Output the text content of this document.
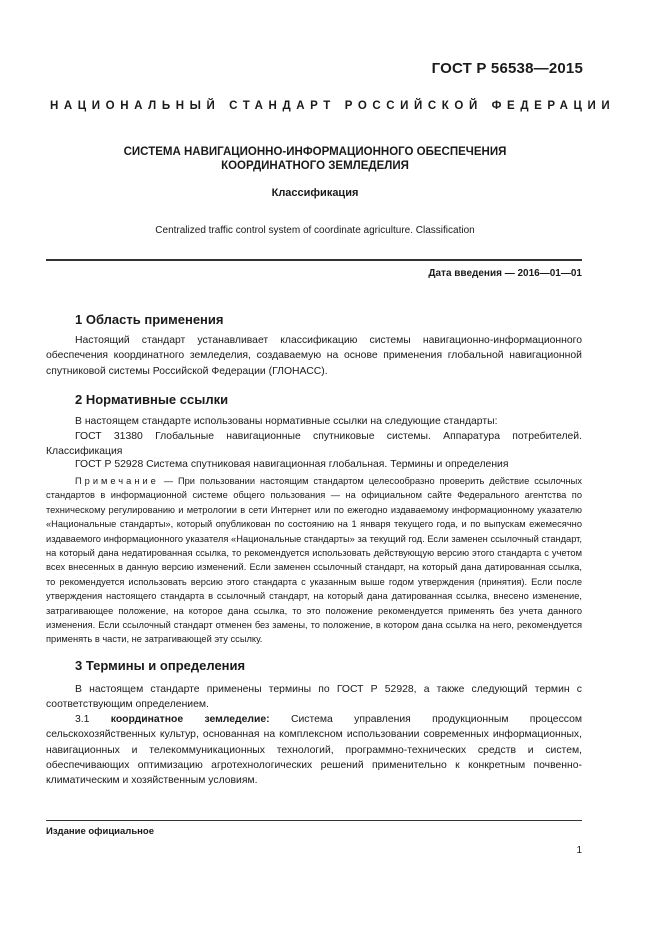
ГОСТ Р 56538—2015
НАЦИОНАЛЬНЫЙ СТАНДАРТ РОССИЙСКОЙ ФЕДЕРАЦИИ
СИСТЕМА НАВИГАЦИОННО-ИНФОРМАЦИОННОГО ОБЕСПЕЧЕНИЯ
КООРДИНАТНОГО ЗЕМЛЕДЕЛИЯ
Классификация
Centralized traffic control system of coordinate agriculture. Classification
Дата введения — 2016—01—01
1 Область применения
Настоящий стандарт устанавливает классификацию системы навигационно-информационного обеспечения координатного земледелия, создаваемую на основе применения глобальной навигационной спутниковой системы Российской Федерации (ГЛОНАСС).
2 Нормативные ссылки
В настоящем стандарте использованы нормативные ссылки на следующие стандарты:
ГОСТ 31380 Глобальные навигационные спутниковые системы. Аппаратура потребителей. Классификация
ГОСТ Р 52928 Система спутниковая навигационная глобальная. Термины и определения
Примечание — При пользовании настоящим стандартом целесообразно проверить действие ссылочных стандартов в информационной системе общего пользования — на официальном сайте Федерального агентства по техническому регулированию и метрологии в сети Интернет или по ежегодно издаваемому информационному указателю «Национальные стандарты», который опубликован по состоянию на 1 января текущего года, и по выпускам ежемесячно издаваемого информационного указателя «Национальные стандарты» за текущий год. Если заменен ссылочный стандарт, на который дана недатированная ссылка, то рекомендуется использовать действующую версию этого стандарта с учетом всех внесенных в данную версию изменений. Если заменен ссылочный стандарт, на который дана датированная ссылка, то рекомендуется использовать версию этого стандарта с указанным выше годом утверждения (принятия). Если после утверждения настоящего стандарта в ссылочный стандарт, на который дана датированная ссылка, внесено изменение, затрагивающее положение, на которое дана ссылка, то это положение рекомендуется применять без учета данного изменения. Если ссылочный стандарт отменен без замены, то положение, в котором дана ссылка на него, рекомендуется применять в части, не затрагивающей эту ссылку.
3 Термины и определения
В настоящем стандарте применены термины по ГОСТ Р 52928, а также следующий термин с соответствующим определением.
3.1 координатное земледелие: Система управления продукционным процессом сельскохозяйственных культур, основанная на комплексном использовании современных информационных, навигационных и телекоммуникационных технологий, программно-технических средств и систем, обеспечивающих оптимизацию агротехнологических решений применительно к конкретным почвенно-климатическим и хозяйственным условиям.
Издание официальное
1
